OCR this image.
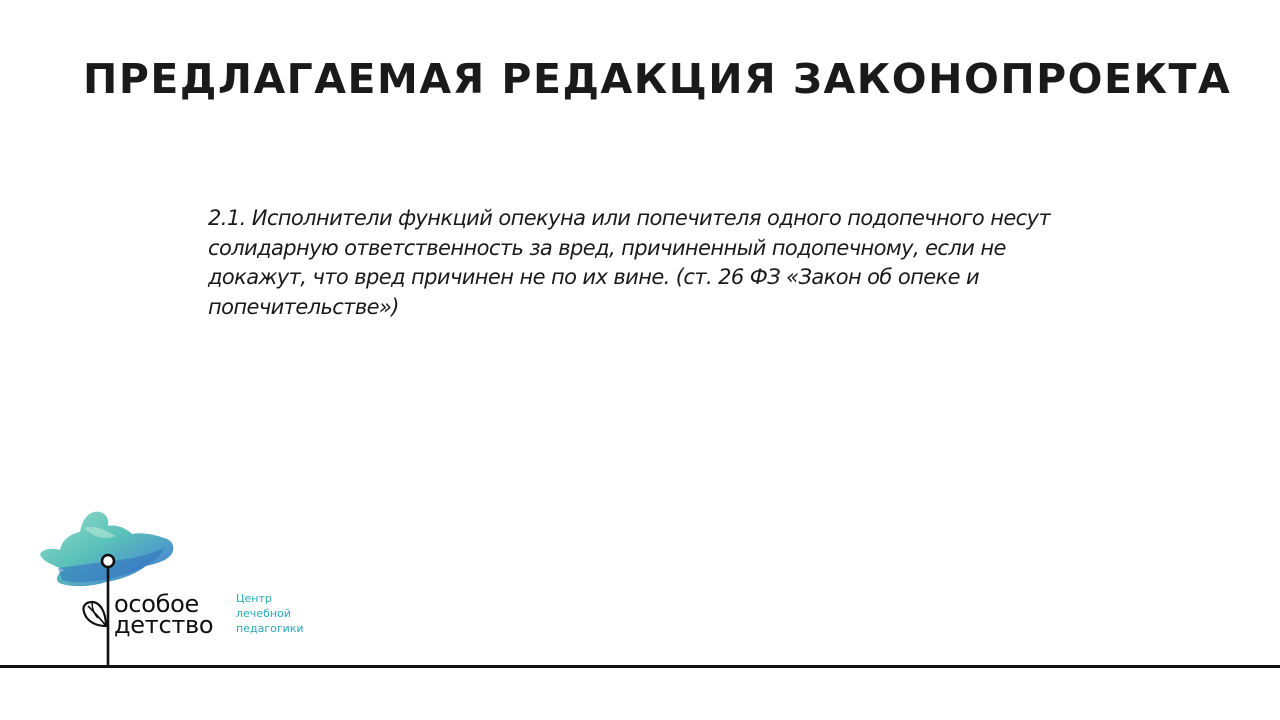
ПРЕДЛАГАЕМАЯ РЕДАКЦИЯ ЗАКОНОПРОЕКТА
2.1. Исполнители функций опекуна или попечителя одного подопечного несут
солидарную ответственность за вред, причиненный подопечному, если не
докажут, что вред причинен не по их вине. (ст. 26 ФЗ «Закон об опеке и
попечительстве»)
особое
детство
Центр
лечебной
педагогики
